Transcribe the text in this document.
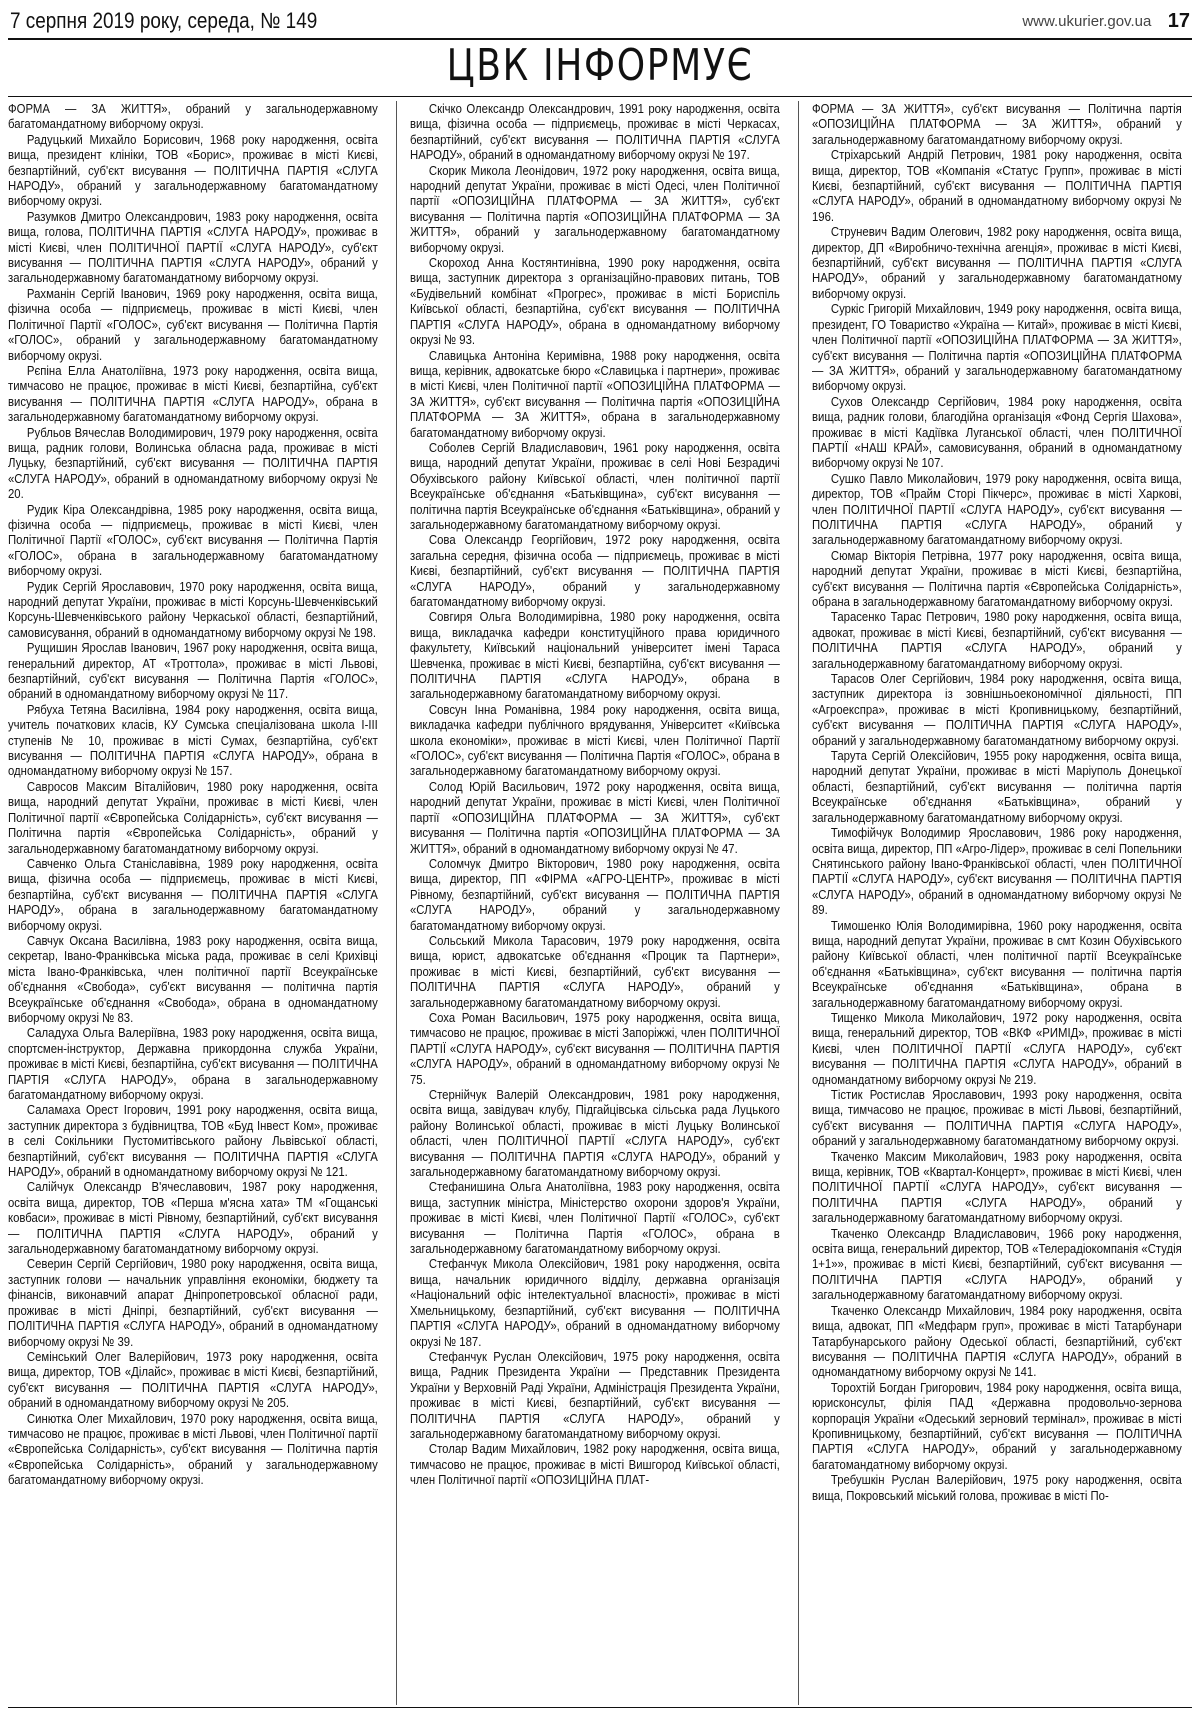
7 серпня 2019 року, середа, № 149	www.ukurier.gov.ua 17
ЦВК ІНФОРМУЄ

ФОРМА — ЗА ЖИТТЯ», обраний у загальнодержавному багатомандатному виборчому окрузі.

Радуцький Михайло Борисович, 1968 року народження, освіта вища, президент клініки, ТОВ «Борис», проживає в місті Києві, безпартійний, суб'єкт висування — ПОЛІТИЧНА ПАРТІЯ «СЛУГА НАРОДУ», обраний у загальнодержавному багатомандатному виборчому окрузі.

Разумков Дмитро Олександрович, 1983 року народження, освіта вища, голова, ПОЛІТИЧНА ПАРТІЯ «СЛУГА НАРОДУ», проживає в місті Києві, член ПОЛІТИЧНОЇ ПАРТІЇ «СЛУГА НАРОДУ», суб'єкт висування — ПОЛІТИЧНА ПАРТІЯ «СЛУГА НАРОДУ», обраний у загальнодержавному багатомандатному виборчому окрузі.

Рахманін Сергій Іванович, 1969 року народження, освіта вища, фізична особа — підприємець, проживає в місті Києві, член Політичної Партії «ГОЛОС», суб'єкт висування — Політична Партія «ГОЛОС», обраний у загальнодержавному багатомандатному виборчому окрузі.

Рєпіна Елла Анатоліївна, 1973 року народження, освіта вища, тимчасово не працює, проживає в місті Києві, безпартійна, суб'єкт висування — ПОЛІТИЧНА ПАРТІЯ «СЛУГА НАРОДУ», обрана в загальнодержавному багатомандатному виборчому окрузі.

Рубльов Вячеслав Володимирович, 1979 року народження, освіта вища, радник голови, Волинська обласна рада, проживає в місті Луцьку, безпартійний, суб'єкт висування — ПОЛІТИЧНА ПАРТІЯ «СЛУГА НАРОДУ», обраний в одномандатному виборчому окрузі № 20.

Рудик Кіра Олександрівна, 1985 року народження, освіта вища, фізична особа — підприємець, проживає в місті Києві, член Політичної Партії «ГОЛОС», суб'єкт висування — Політична Партія «ГОЛОС», обрана в загальнодержавному багатомандатному виборчому окрузі.

Рудик Сергій Ярославович, 1970 року народження, освіта вища, народний депутат України, проживає в місті Корсунь-Шевченківський Корсунь-Шевченківського району Черкаської області, безпартійний, самовисування, обраний в одномандатному виборчому окрузі № 198.

Рущишин Ярослав Іванович, 1967 року народження, освіта вища, генеральний директор, АТ «Троттола», проживає в місті Львові, безпартійний, суб'єкт висування — Політична Партія «ГОЛОС», обраний в одномандатному виборчому окрузі № 117.

Рябуха Тетяна Василівна, 1984 року народження, освіта вища, учитель початкових класів, КУ Сумська спеціалізована школа I-III ступенів № 10, проживає в місті Сумах, безпартійна, суб'єкт висування — ПОЛІТИЧНА ПАРТІЯ «СЛУГА НАРОДУ», обрана в одномандатному виборчому окрузі № 157.

Савросов Максим Віталійович, 1980 року народження, освіта вища, народний депутат України, проживає в місті Києві, член Політичної партії «Європейська Солідарність», суб'єкт висування — Політична партія «Європейська Солідарність», обраний у загальнодержавному багатомандатному виборчому окрузі.

Савченко Ольга Станіславівна, 1989 року народження, освіта вища, фізична особа — підприємець, проживає в місті Києві, безпартійна, суб'єкт висування — ПОЛІТИЧНА ПАРТІЯ «СЛУГА НАРОДУ», обрана в загальнодержавному багатомандатному виборчому окрузі.

Савчук Оксана Василівна, 1983 року народження, освіта вища, секретар, Івано-Франківська міська рада, проживає в селі Крихівці міста Івано-Франківська, член політичної партії Всеукраїнське об'єднання «Свобода», суб'єкт висування — політична партія Всеукраїнське об'єднання «Свобода», обрана в одномандатному виборчому окрузі № 83.

Саладуха Ольга Валеріївна, 1983 року народження, освіта вища, спортсмен-інструктор, Державна прикордонна служба України, проживає в місті Києві, безпартійна, суб'єкт висування — ПОЛІТИЧНА ПАРТІЯ «СЛУГА НАРОДУ», обрана в загальнодержавному багатомандатному виборчому окрузі.

Саламаха Орест Ігорович, 1991 року народження, освіта вища, заступник директора з будівництва, ТОВ «Буд Інвест Ком», проживає в селі Сокільники Пустомитівського району Львівської області, безпартійний, суб'єкт висування — ПОЛІТИЧНА ПАРТІЯ «СЛУГА НАРОДУ», обраний в одномандатному виборчому окрузі № 121.

Салійчук Олександр В'ячеславович, 1987 року народження, освіта вища, директор, ТОВ «Перша м'ясна хата» ТМ «Гощанські ковбаси», проживає в місті Рівному, безпартійний, суб'єкт висування — ПОЛІТИЧНА ПАРТІЯ «СЛУГА НАРОДУ», обраний у загальнодержавному багатомандатному виборчому окрузі.

Северин Сергій Сергійович, 1980 року народження, освіта вища, заступник голови — начальник управління економіки, бюджету та фінансів, виконавчий апарат Дніпропетровської обласної ради, проживає в місті Дніпрі, безпартійний, суб'єкт висування — ПОЛІТИЧНА ПАРТІЯ «СЛУГА НАРОДУ», обраний в одномандатному виборчому окрузі № 39.

Семінський Олег Валерійович, 1973 року народження, освіта вища, директор, ТОВ «Ділайс», проживає в місті Києві, безпартійний, суб'єкт висування — ПОЛІТИЧНА ПАРТІЯ «СЛУГА НАРОДУ», обраний в одномандатному виборчому окрузі № 205.

Синютка Олег Михайлович, 1970 року народження, освіта вища, тимчасово не працює, проживає в місті Львові, член Політичної партії «Європейська Солідарність», суб'єкт висування — Політична партія «Європейська Солідарність», обраний у загальнодержавному багатомандатному виборчому окрузі.

Скічко Олександр Олександрович, 1991 року народження, освіта вища, фізична особа — підприємець, проживає в місті Черкасах, безпартійний, суб'єкт висування — ПОЛІТИЧНА ПАРТІЯ «СЛУГА НАРОДУ», обраний в одномандатному виборчому окрузі № 197.

Скорик Микола Леонідович, 1972 року народження, освіта вища, народний депутат України, проживає в місті Одесі, член Політичної партії «ОПОЗИЦІЙНА ПЛАТФОРМА — ЗА ЖИТТЯ», суб'єкт висування — Політична партія «ОПОЗИЦІЙНА ПЛАТФОРМА — ЗА ЖИТТЯ», обраний у загальнодержавному багатомандатному виборчому окрузі.

Скороход Анна Костянтинівна, 1990 року народження, освіта вища, заступник директора з організаційно-правових питань, ТОВ «Будівельний комбінат «Прогрес», проживає в місті Бориспіль Київської області, безпартійна, суб'єкт висування — ПОЛІТИЧНА ПАРТІЯ «СЛУГА НАРОДУ», обрана в одномандатному виборчому окрузі № 93.

Славицька Антоніна Керимівна, 1988 року народження, освіта вища, керівник, адвокатське бюро «Славицька і партнери», проживає в місті Києві, член Політичної партії «ОПОЗИЦІЙНА ПЛАТФОРМА — ЗА ЖИТТЯ», суб'єкт висування — Політична партія «ОПОЗИЦІЙНА ПЛАТФОРМА — ЗА ЖИТТЯ», обрана в загальнодержавному багатомандатному виборчому окрузі.

Соболев Сергій Владиславович, 1961 року народження, освіта вища, народний депутат України, проживає в селі Нові Безрадичі Обухівського району Київської області, член політичної партії Всеукраїнське об'єднання «Батьківщина», суб'єкт висування — політична партія Всеукраїнське об'єднання «Батьківщина», обраний у загальнодержавному багатомандатному виборчому окрузі.

Сова Олександр Георгійович, 1972 року народження, освіта загальна середня, фізична особа — підприємець, проживає в місті Києві, безпартійний, суб'єкт висування — ПОЛІТИЧНА ПАРТІЯ «СЛУГА НАРОДУ», обраний у загальнодержавному багатомандатному виборчому окрузі.

Совгиря Ольга Володимирівна, 1980 року народження, освіта вища, викладачка кафедри конституційного права юридичного факультету, Київський національний університет імені Тараса Шевченка, проживає в місті Києві, безпартійна, суб'єкт висування — ПОЛІТИЧНА ПАРТІЯ «СЛУГА НАРОДУ», обрана в загальнодержавному багатомандатному виборчому окрузі.

Совсун Інна Романівна, 1984 року народження, освіта вища, викладачка кафедри публічного врядування, Університет «Київська школа економіки», проживає в місті Києві, член Політичної Партії «ГОЛОС», суб'єкт висування — Політична Партія «ГОЛОС», обрана в загальнодержавному багатомандатному виборчому окрузі.

Солод Юрій Васильович, 1972 року народження, освіта вища, народний депутат України, проживає в місті Києві, член Політичної партії «ОПОЗИЦІЙНА ПЛАТФОРМА — ЗА ЖИТТЯ», суб'єкт висування — Політична партія «ОПОЗИЦІЙНА ПЛАТФОРМА — ЗА ЖИТТЯ», обраний в одномандатному виборчому окрузі № 47.

Соломчук Дмитро Вікторович, 1980 року народження, освіта вища, директор, ПП «ФІРМА «АГРО-ЦЕНТР», проживає в місті Рівному, безпартійний, суб'єкт висування — ПОЛІТИЧНА ПАРТІЯ «СЛУГА НАРОДУ», обраний у загальнодержавному багатомандатному виборчому окрузі.

Сольський Микола Тарасович, 1979 року народження, освіта вища, юрист, адвокатське об'єднання «Процик та Партнери», проживає в місті Києві, безпартійний, суб'єкт висування — ПОЛІТИЧНА ПАРТІЯ «СЛУГА НАРОДУ», обраний у загальнодержавному багатомандатному виборчому окрузі.

Соха Роман Васильович, 1975 року народження, освіта вища, тимчасово не працює, проживає в місті Запоріжжі, член ПОЛІТИЧНОЇ ПАРТІЇ «СЛУГА НАРОДУ», суб'єкт висування — ПОЛІТИЧНА ПАРТІЯ «СЛУГА НАРОДУ», обраний в одномандатному виборчому окрузі № 75.

Стернійчук Валерій Олександрович, 1981 року народження, освіта вища, завідувач клубу, Підгайцівська сільська рада Луцького району Волинської області, проживає в місті Луцьку Волинської області, член ПОЛІТИЧНОЇ ПАРТІЇ «СЛУГА НАРОДУ», суб'єкт висування — ПОЛІТИЧНА ПАРТІЯ «СЛУГА НАРОДУ», обраний у загальнодержавному багатомандатному виборчому окрузі.

Стефанишина Ольга Анатоліївна, 1983 року народження, освіта вища, заступник міністра, Міністерство охорони здоров'я України, проживає в місті Києві, член Політичної Партії «ГОЛОС», суб'єкт висування — Політична Партія «ГОЛОС», обрана в загальнодержавному багатомандатному виборчому окрузі.

Стефанчук Микола Олексійович, 1981 року народження, освіта вища, начальник юридичного відділу, державна організація «Національний офіс інтелектуальної власності», проживає в місті Хмельницькому, безпартійний, суб'єкт висування — ПОЛІТИЧНА ПАРТІЯ «СЛУГА НАРОДУ», обраний в одномандатному виборчому окрузі № 187.

Стефанчук Руслан Олексійович, 1975 року народження, освіта вища, Радник Президента України — Представник Президента України у Верховній Раді України, Адміністрація Президента України, проживає в місті Києві, безпартійний, суб'єкт висування — ПОЛІТИЧНА ПАРТІЯ «СЛУГА НАРОДУ», обраний у загальнодержавному багатомандатному виборчому окрузі.

Столар Вадим Михайлович, 1982 року народження, освіта вища, тимчасово не працює, проживає в місті Вишгород Київської області, член Політичної партії «ОПОЗИЦІЙНА ПЛАТ-

ФОРМА — ЗА ЖИТТЯ», суб'єкт висування — Політична партія «ОПОЗИЦІЙНА ПЛАТФОРМА — ЗА ЖИТТЯ», обраний у загальнодержавному багатомандатному виборчому окрузі.

Стріхарський Андрій Петрович, 1981 року народження, освіта вища, директор, ТОВ «Компанія «Статус Групп», проживає в місті Києві, безпартійний, суб'єкт висування — ПОЛІТИЧНА ПАРТІЯ «СЛУГА НАРОДУ», обраний в одномандатному виборчому окрузі № 196.

Струневич Вадим Олегович, 1982 року народження, освіта вища, директор, ДП «Виробничо-технічна агенція», проживає в місті Києві, безпартійний, суб'єкт висування — ПОЛІТИЧНА ПАРТІЯ «СЛУГА НАРОДУ», обраний у загальнодержавному багатомандатному виборчому окрузі.

Суркіс Григорій Михайлович, 1949 року народження, освіта вища, президент, ГО Товариство «Україна — Китай», проживає в місті Києві, член Політичної партії «ОПОЗИЦІЙНА ПЛАТФОРМА — ЗА ЖИТТЯ», суб'єкт висування — Політична партія «ОПОЗИЦІЙНА ПЛАТФОРМА — ЗА ЖИТТЯ», обраний у загальнодержавному багатомандатному виборчому окрузі.

Сухов Олександр Сергійович, 1984 року народження, освіта вища, радник голови, благодійна організація «Фонд Сергія Шахова», проживає в місті Кадіївка Луганської області, член ПОЛІТИЧНОЇ ПАРТІЇ «НАШ КРАЙ», самовисування, обраний в одномандатному виборчому окрузі № 107.

Сушко Павло Миколайович, 1979 року народження, освіта вища, директор, ТОВ «Прайм Сторі Пікчерс», проживає в місті Харкові, член ПОЛІТИЧНОЇ ПАРТІЇ «СЛУГА НАРОДУ», суб'єкт висування — ПОЛІТИЧНА ПАРТІЯ «СЛУГА НАРОДУ», обраний у загальнодержавному багатомандатному виборчому окрузі.

Сюмар Вікторія Петрівна, 1977 року народження, освіта вища, народний депутат України, проживає в місті Києві, безпартійна, суб'єкт висування — Політична партія «Європейська Солідарність», обрана в загальнодержавному багатомандатному виборчому окрузі.

Тарасенко Тарас Петрович, 1980 року народження, освіта вища, адвокат, проживає в місті Києві, безпартійний, суб'єкт висування — ПОЛІТИЧНА ПАРТІЯ «СЛУГА НАРОДУ», обраний у загальнодержавному багатомандатному виборчому окрузі.

Тарасов Олег Сергійович, 1984 року народження, освіта вища, заступник директора із зовнішньоекономічної діяльності, ПП «Агроекспра», проживає в місті Кропивницькому, безпартійний, суб'єкт висування — ПОЛІТИЧНА ПАРТІЯ «СЛУГА НАРОДУ», обраний у загальнодержавному багатомандатному виборчому окрузі.

Тарута Сергій Олексійович, 1955 року народження, освіта вища, народний депутат України, проживає в місті Маріуполь Донецької області, безпартійний, суб'єкт висування — політична партія Всеукраїнське об'єднання «Батьківщина», обраний у загальнодержавному багатомандатному виборчому окрузі.

Тимофійчук Володимир Ярославович, 1986 року народження, освіта вища, директор, ПП «Агро-Лідер», проживає в селі Попельники Снятинського району Івано-Франківської області, член ПОЛІТИЧНОЇ ПАРТІЇ «СЛУГА НАРОДУ», суб'єкт висування — ПОЛІТИЧНА ПАРТІЯ «СЛУГА НАРОДУ», обраний в одномандатному виборчому окрузі № 89.

Тимошенко Юлія Володимирівна, 1960 року народження, освіта вища, народний депутат України, проживає в смт Козин Обухівського району Київської області, член політичної партії Всеукраїнське об'єднання «Батьківщина», суб'єкт висування — політична партія Всеукраїнське об'єднання «Батьківщина», обрана в загальнодержавному багатомандатному виборчому окрузі.

Тищенко Микола Миколайович, 1972 року народження, освіта вища, генеральний директор, ТОВ «ВКФ «РИМІД», проживає в місті Києві, член ПОЛІТИЧНОЇ ПАРТІЇ «СЛУГА НАРОДУ», суб'єкт висування — ПОЛІТИЧНА ПАРТІЯ «СЛУГА НАРОДУ», обраний в одномандатному виборчому окрузі № 219.

Тістик Ростислав Ярославович, 1993 року народження, освіта вища, тимчасово не працює, проживає в місті Львові, безпартійний, суб'єкт висування — ПОЛІТИЧНА ПАРТІЯ «СЛУГА НАРОДУ», обраний у загальнодержавному багатомандатному виборчому окрузі.

Ткаченко Максим Миколайович, 1983 року народження, освіта вища, керівник, ТОВ «Квартал-Концерт», проживає в місті Києві, член ПОЛІТИЧНОЇ ПАРТІЇ «СЛУГА НАРОДУ», суб'єкт висування — ПОЛІТИЧНА ПАРТІЯ «СЛУГА НАРОДУ», обраний у загальнодержавному багатомандатному виборчому окрузі.

Ткаченко Олександр Владиславович, 1966 року народження, освіта вища, генеральний директор, ТОВ «Телерадіокомпанія «Студія 1+1»», проживає в місті Києві, безпартійний, суб'єкт висування — ПОЛІТИЧНА ПАРТІЯ «СЛУГА НАРОДУ», обраний у загальнодержавному багатомандатному виборчому окрузі.

Ткаченко Олександр Михайлович, 1984 року народження, освіта вища, адвокат, ПП «Медфарм груп», проживає в місті Татарбунари Татарбунарського району Одеської області, безпартійний, суб'єкт висування — ПОЛІТИЧНА ПАРТІЯ «СЛУГА НАРОДУ», обраний в одномандатному виборчому окрузі № 141.

Торохтій Богдан Григорович, 1984 року народження, освіта вища, юрисконсульт, філія ПАД «Державна продовольчо-зернова корпорація України «Одеський зерновий термінал», проживає в місті Кропивницькому, безпартійний, суб'єкт висування — ПОЛІТИЧНА ПАРТІЯ «СЛУГА НАРОДУ», обраний у загальнодержавному багатомандатному виборчому окрузі.

Требушкін Руслан Валерійович, 1975 року народження, освіта вища, Покровський міський голова, проживає в місті По-
